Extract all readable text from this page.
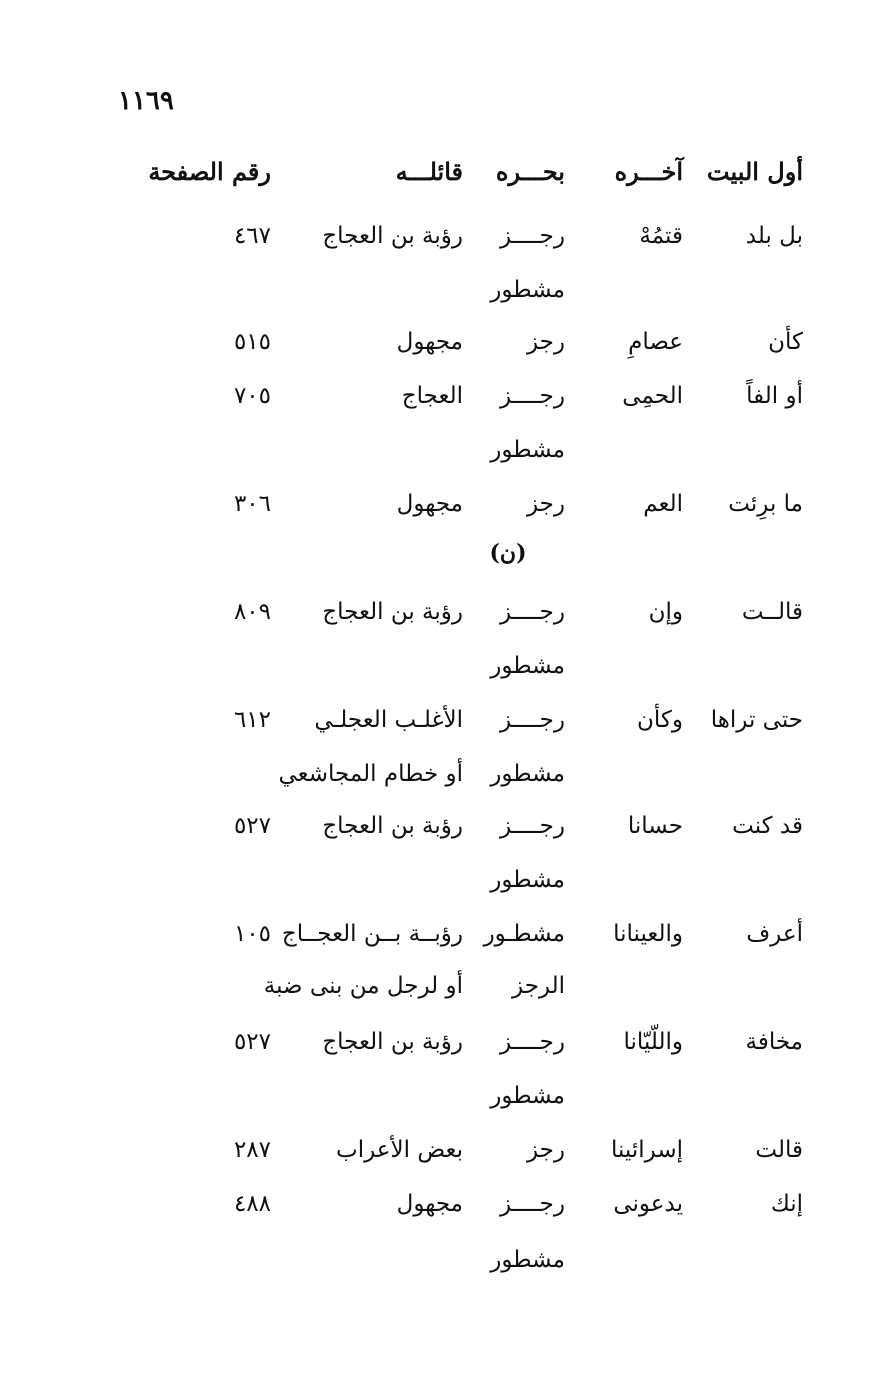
١١٦٩
أول البيت
آخـــره
بحـــره
قائلـــه
رقم الصفحة
بل بلد
قتمُهْ
رجــــز
رؤبة بن العجاج
٤٦٧
مشطور
كأن
عصامِ
رجز
مجهول
٥١٥
أو الفاً
الحمِى
رجــــز
العجاج
٧٠٥
مشطور
ما برِئت
العم
رجز
مجهول
٣٠٦
(ن)
قالــت
وإن
رجــــز
رؤبة بن العجاج
٨٠٩
مشطور
حتى تراها
وكأن
رجــــز
الأغلـب العجلـي
٦١٢
مشطور
أو خطام المجاشعي
قد كنت
حسانا
رجــــز
رؤبة بن العجاج
٥٢٧
مشطور
أعرف
والعينانا
مشطـور
رؤبــة بــن العجــاج
١٠٥
الرجز
أو لرجل من بنى ضبة
مخافة
واللّيّانا
رجــــز
رؤبة بن العجاج
٥٢٧
مشطور
قالت
إسرائينا
رجز
بعض الأعراب
٢٨٧
إنك
يدعونى
رجــــز
مجهول
٤٨٨
مشطور
